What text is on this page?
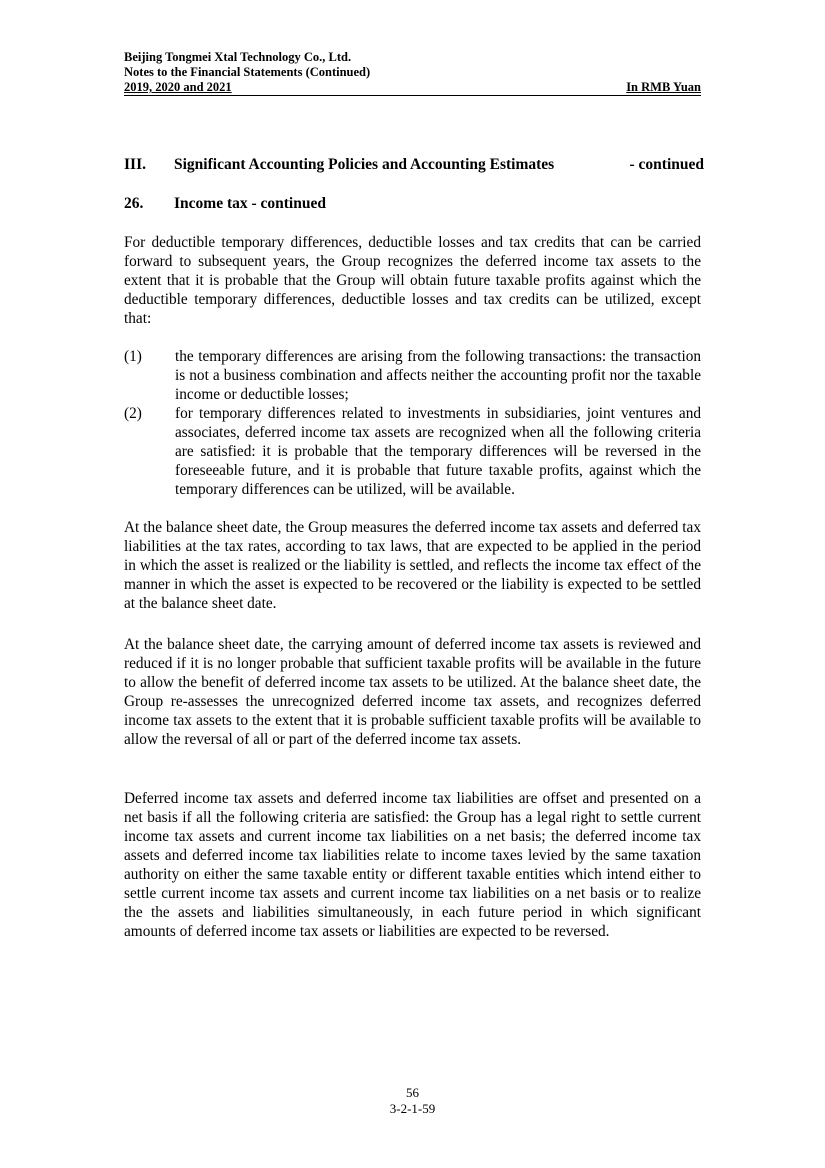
Beijing Tongmei Xtal Technology Co., Ltd.
Notes to the Financial Statements (Continued)
2019, 2020 and 2021	In RMB Yuan
III. Significant Accounting Policies and Accounting Estimates	- continued
26. Income tax - continued

For deductible temporary differences, deductible losses and tax credits that can be carried forward to subsequent years, the Group recognizes the deferred income tax assets to the extent that it is probable that the Group will obtain future taxable profits against which the deductible temporary differences, deductible losses and tax credits can be utilized, except that:

(1) the temporary differences are arising from the following transactions: the transaction is not a business combination and affects neither the accounting profit nor the taxable income or deductible losses;
(2) for temporary differences related to investments in subsidiaries, joint ventures and associates, deferred income tax assets are recognized when all the following criteria are satisfied: it is probable that the temporary differences will be reversed in the foreseeable future, and it is probable that future taxable profits, against which the temporary differences can be utilized, will be available.

At the balance sheet date, the Group measures the deferred income tax assets and deferred tax liabilities at the tax rates, according to tax laws, that are expected to be applied in the period in which the asset is realized or the liability is settled, and reflects the income tax effect of the manner in which the asset is expected to be recovered or the liability is expected to be settled at the balance sheet date.

At the balance sheet date, the carrying amount of deferred income tax assets is reviewed and reduced if it is no longer probable that sufficient taxable profits will be available in the future to allow the benefit of deferred income tax assets to be utilized. At the balance sheet date, the Group re-assesses the unrecognized deferred income tax assets, and recognizes deferred income tax assets to the extent that it is probable sufficient taxable profits will be available to allow the reversal of all or part of the deferred income tax assets.

Deferred income tax assets and deferred income tax liabilities are offset and presented on a net basis if all the following criteria are satisfied: the Group has a legal right to settle current income tax assets and current income tax liabilities on a net basis; the deferred income tax assets and deferred income tax liabilities relate to income taxes levied by the same taxation authority on either the same taxable entity or different taxable entities which intend either to settle current income tax assets and current income tax liabilities on a net basis or to realize the the assets and liabilities simultaneously, in each future period in which significant amounts of deferred income tax assets or liabilities are expected to be reversed.

56
3-2-1-59
